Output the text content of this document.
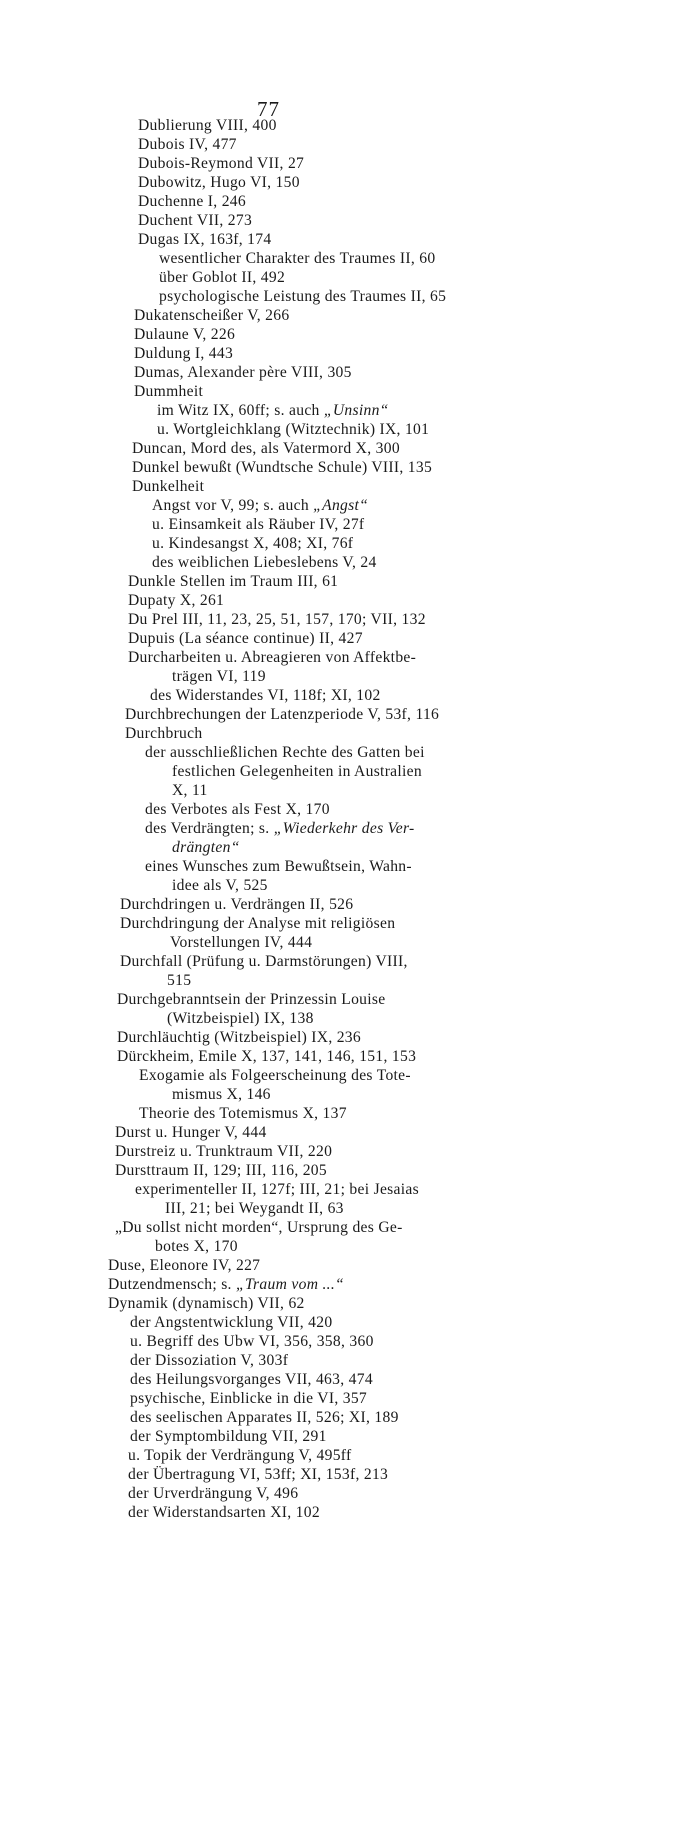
77
Dublierung VIII, 400
Dubois IV, 477
Dubois-Reymond VII, 27
Dubowitz, Hugo VI, 150
Duchenne I, 246
Duchent VII, 273
Dugas IX, 163f, 174
wesentlicher Charakter des Traumes II, 60
über Goblot II, 492
psychologische Leistung des Traumes II, 65
Dukatenscheißer V, 266
Dulaune V, 226
Duldung I, 443
Dumas, Alexander père VIII, 305
Dummheit
im Witz IX, 60ff; s. auch „Unsinn“
u. Wortgleichklang (Witztechnik) IX, 101
Duncan, Mord des, als Vatermord X, 300
Dunkel bewußt (Wundtsche Schule) VIII, 135
Dunkelheit
Angst vor V, 99; s. auch „Angst“
u. Einsamkeit als Räuber IV, 27f
u. Kindesangst X, 408; XI, 76f
des weiblichen Liebeslebens V, 24
Dunkle Stellen im Traum III, 61
Dupaty X, 261
Du Prel III, 11, 23, 25, 51, 157, 170; VII, 132
Dupuis (La séance continue) II, 427
Durcharbeiten u. Abreagieren von Affektbe-
trägen VI, 119
des Widerstandes VI, 118f; XI, 102
Durchbrechungen der Latenzperiode V, 53f, 116
Durchbruch
der ausschließlichen Rechte des Gatten bei
festlichen Gelegenheiten in Australien
X, 11
des Verbotes als Fest X, 170
des Verdrängten; s. „Wiederkehr des Ver-
drängten“
eines Wunsches zum Bewußtsein, Wahn-
idee als V, 525
Durchdringen u. Verdrängen II, 526
Durchdringung der Analyse mit religiösen
Vorstellungen IV, 444
Durchfall (Prüfung u. Darmstörungen) VIII,
515
Durchgebranntsein der Prinzessin Louise
(Witzbeispiel) IX, 138
Durchläuchtig (Witzbeispiel) IX, 236
Dürckheim, Emile X, 137, 141, 146, 151, 153
Exogamie als Folgeerscheinung des Tote-
mismus X, 146
Theorie des Totemismus X, 137
Durst u. Hunger V, 444
Durstreiz u. Trunktraum VII, 220
Dursttraum II, 129; III, 116, 205
experimenteller II, 127f; III, 21; bei Jesaias
III, 21; bei Weygandt II, 63
„Du sollst nicht morden“, Ursprung des Ge-
botes X, 170
Duse, Eleonore IV, 227
Dutzendmensch; s. „Traum vom ...“
Dynamik (dynamisch) VII, 62
der Angstentwicklung VII, 420
u. Begriff des Ubw VI, 356, 358, 360
der Dissoziation V, 303f
des Heilungsvorganges VII, 463, 474
psychische, Einblicke in die VI, 357
des seelischen Apparates II, 526; XI, 189
der Symptombildung VII, 291
u. Topik der Verdrängung V, 495ff
der Übertragung VI, 53ff; XI, 153f, 213
der Urverdrängung V, 496
der Widerstandsarten XI, 102
